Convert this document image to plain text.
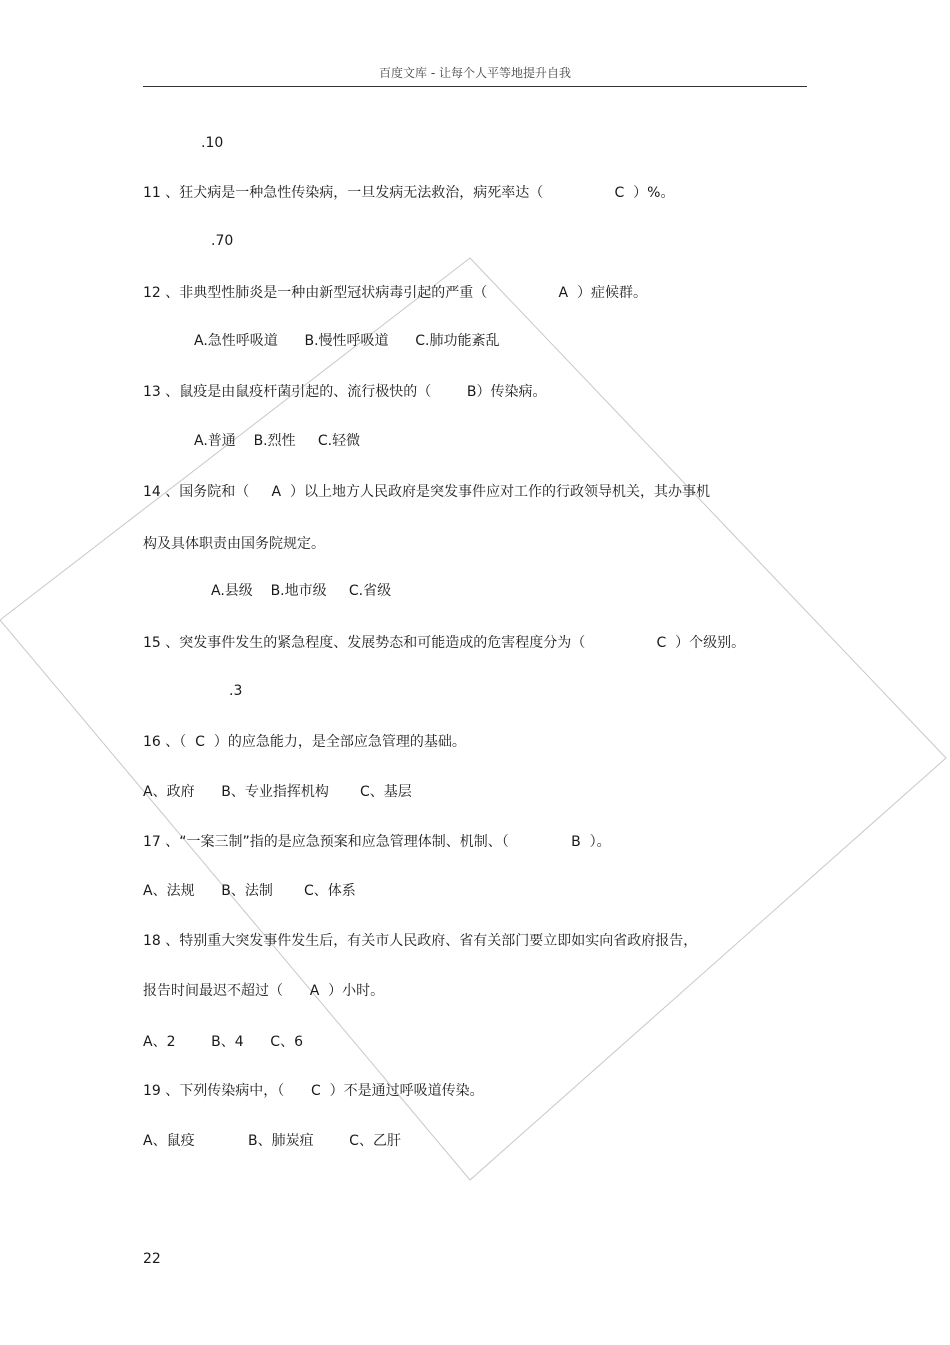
百度文库 - 让每个人平等地提升自我
.10
11 、狂犬病是一种急性传染病，一旦发病无法救治，病死率达（                C  ）%。
.70
12 、非典型性肺炎是一种由新型冠状病毒引起的严重（                A  ）症候群。
A.急性呼吸道      B.慢性呼吸道      C.肺功能紊乱
13 、鼠疫是由鼠疫杆菌引起的、流行极快的（        B）传染病。
A.普通    B.烈性     C.轻微
14 、国务院和（     A  ）以上地方人民政府是突发事件应对工作的行政领导机关，其办事机
构及具体职责由国务院规定。
A.县级    B.地市级     C.省级
15 、突发事件发生的紧急程度、发展势态和可能造成的危害程度分为（                C  ）个级别。
.3
16 、（  C  ）的应急能力，是全部应急管理的基础。
A、政府      B、专业指挥机构       C、基层
17 、“一案三制”指的是应急预案和应急管理体制、机制、（              B  ）。
A、法规      B、法制       C、体系
18 、特别重大突发事件发生后，有关市人民政府、省有关部门要立即如实向省政府报告，
报告时间最迟不超过（      A  ）小时。
A、2        B、4      C、6
19 、下列传染病中，（      C  ）不是通过呼吸道传染。
A、鼠疫            B、肺炭疽        C、乙肝
22
